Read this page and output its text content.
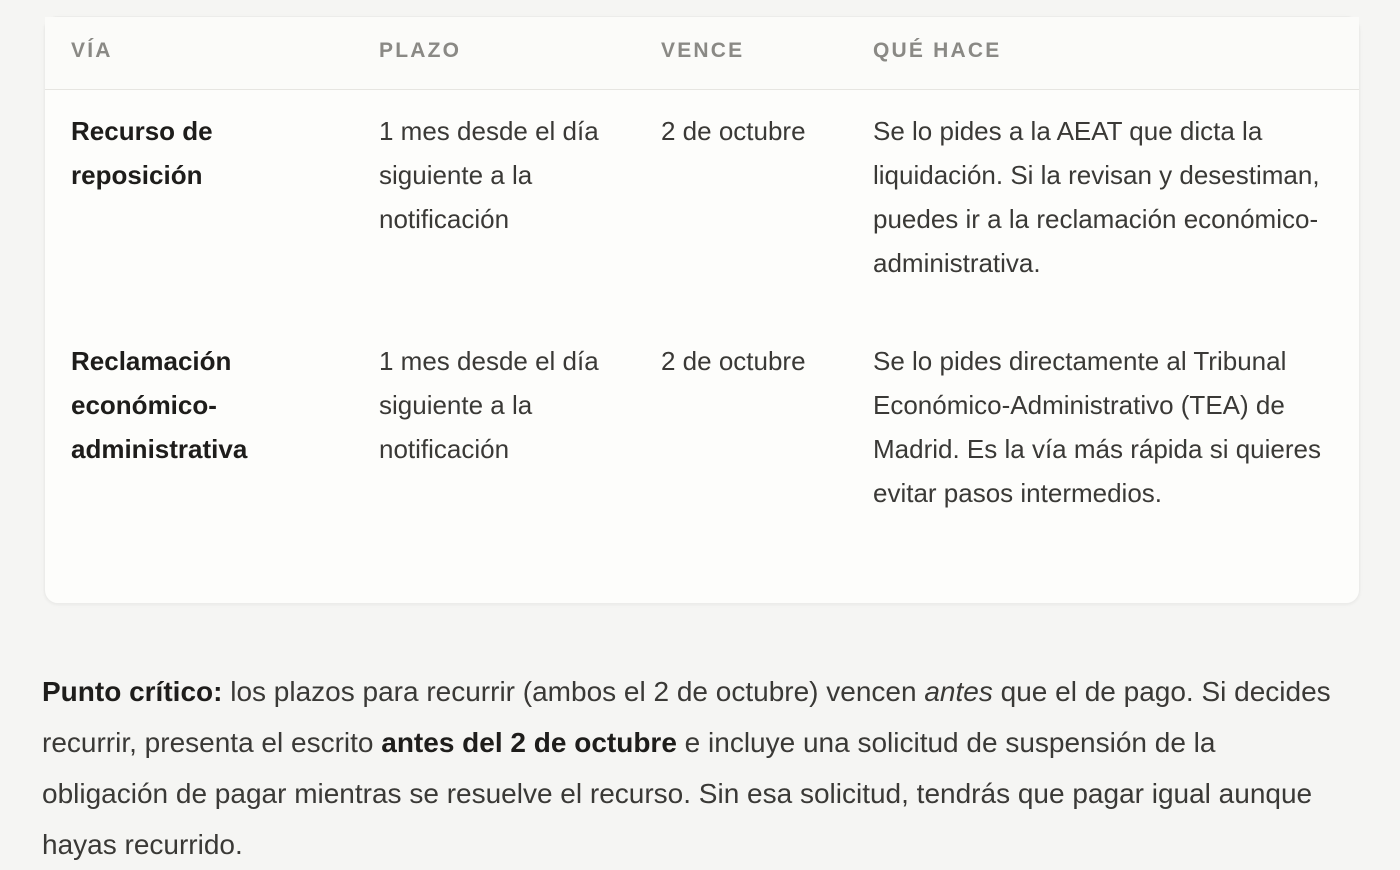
VÍA	PLAZO	VENCE	QUÉ HACE
Recurso de reposición	1 mes desde el día siguiente a la notificación	2 de octubre	Se lo pides a la AEAT que dicta la liquidación. Si la revisan y desestiman, puedes ir a la reclamación económico-administrativa.
Reclamación económico-administrativa	1 mes desde el día siguiente a la notificación	2 de octubre	Se lo pides directamente al Tribunal Económico-Administrativo (TEA) de Madrid. Es la vía más rápida si quieres evitar pasos intermedios.

Punto crítico: los plazos para recurrir (ambos el 2 de octubre) vencen antes que el de pago. Si decides recurrir, presenta el escrito antes del 2 de octubre e incluye una solicitud de suspensión de la obligación de pagar mientras se resuelve el recurso. Sin esa solicitud, tendrás que pagar igual aunque hayas recurrido.
